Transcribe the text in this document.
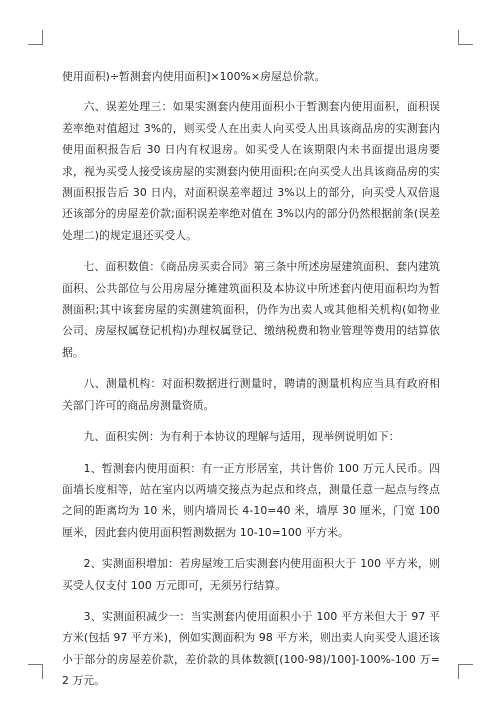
使用面积)÷暂测套内使用面积]×100%×房屋总价款。

六、误差处理三：如果实测套内使用面积小于暂测套内使用面积，面积误差率绝对值超过 3%的，则买受人在出卖人向买受人出具该商品房的实测套内使用面积报告后 30 日内有权退房。如买受人在该期限内未书面提出退房要求，视为买受人接受该房屋的实测套内使用面积;在向买受人出具该商品房的实测面积报告后 30 日内，对面积误差率超过 3%以上的部分，向买受人双倍退还该部分的房屋差价款;面积误差率绝对值在 3%以内的部分仍然根据前条(误差处理二)的规定退还买受人。

七、面积数值：《商品房买卖合同》第三条中所述房屋建筑面积、套内建筑面积、公共部位与公用房屋分摊建筑面积及本协议中所述套内使用面积均为暂测面积;其中该套房屋的实测建筑面积，仍作为出卖人或其他相关机构(如物业公司、房屋权属登记机构)办理权属登记、缴纳税费和物业管理等费用的结算依据。

八、测量机构：对面积数据进行测量时，聘请的测量机构应当具有政府相关部门许可的商品房测量资质。

九、面积实例：为有利于本协议的理解与适用，现举例说明如下：

1、暂测套内使用面积：有一正方形居室，共计售价 100 万元人民币。四面墙长度相等，站在室内以两墙交接点为起点和终点，测量任意一起点与终点之间的距离均为 10 米，则内墙周长 4-10=40 米，墙厚 30 厘米，门宽 100 厘米，因此套内使用面积暂测数据为 10-10=100 平方米。

2、实测面积增加：若房屋竣工后实测套内使用面积大于 100 平方米，则买受人仅支付 100 万元即可，无须另行结算。

3、实测面积减少一：当实测套内使用面积小于 100 平方米但大于 97 平方米(包括 97 平方米)，例如实测面积为 98 平方米，则出卖人向买受人退还该小于部分的房屋差价款，差价款的具体数额[(100-98)/100]-100%-100 万=2 万元。
